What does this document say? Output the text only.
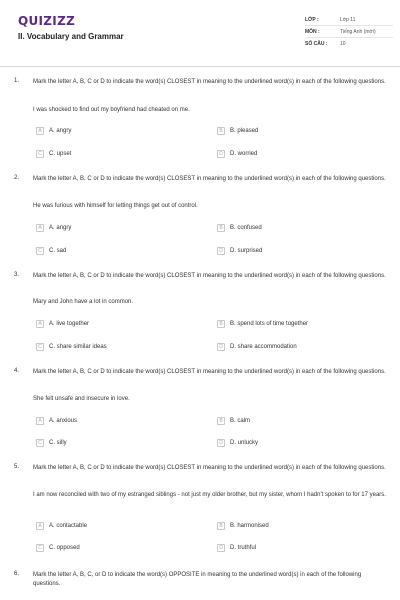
QUIZIZZ
II. Vocabulary and Grammar
LỚP :	Lớp 11
MÔN :	Tiếng Anh (mới)
SỐ CÂU :	10
1. Mark the letter A, B, C or D to indicate the word(s) CLOSEST in meaning to the underlined word(s) in each of the following questions.
I was shocked to find out my boyfriend had cheated on me.
A	A. angry	B	B. pleased
C	C. upset	D	D. worried
2. Mark the letter A, B, C or D to indicate the word(s) CLOSEST in meaning to the underlined word(s) in each of the following questions.
He was furious with himself for letting things get out of control.
A	A. angry	B	B. confused
C	C. sad	D	D. surprised
3. Mark the letter A, B, C or D to indicate the word(s) CLOSEST in meaning to the underlined word(s) in each of the following questions.
Mary and John have a lot in common.
A	A. live together	B	B. spend lots of time together
C	C. share similar ideas	D	D. share accommodation
4. Mark the letter A, B, C or D to indicate the word(s) CLOSEST in meaning to the underlined word(s) in each of the following questions.
She felt unsafe and insecure in love.
A	A. anxious	B	B. calm
C	C. silly	D	D. unlucky
5. Mark the letter A, B, C or D to indicate the word(s) CLOSEST in meaning to the underlined word(s) in each of the following questions.
I am now reconciled with two of my estranged siblings - not just my older brother, but my sister, whom I hadn't spoken to for 17 years.
A	A. contactable	B	B. harmonised
C	C. opposed	D	D. truthful
6. Mark the letter A, B, C, or D to indicate the word(s) OPPOSITE in meaning to the underlined word(s) in each of the following questions.
